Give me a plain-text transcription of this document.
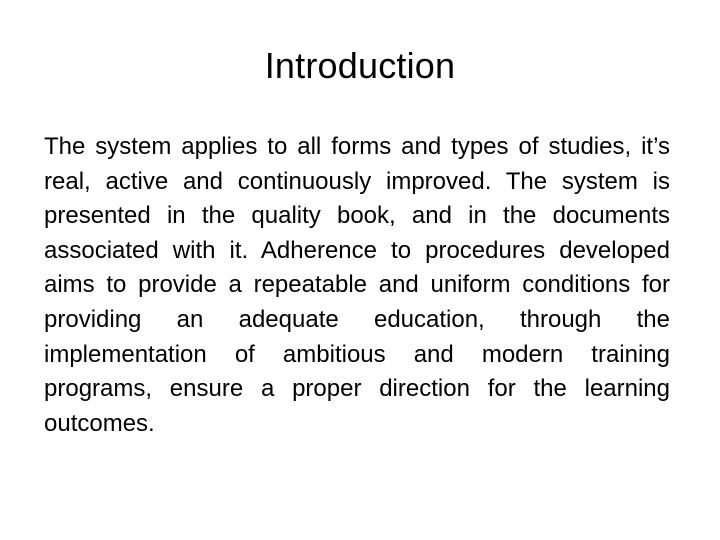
Introduction

The system applies to all forms and types of studies, it’s real, active and continuously improved. The system is presented in the quality book, and in the documents associated with it. Adherence to procedures developed aims to provide a repeatable and uniform conditions for providing an adequate education, through the implementation of ambitious and modern training programs, ensure a proper direction for the learning outcomes.
